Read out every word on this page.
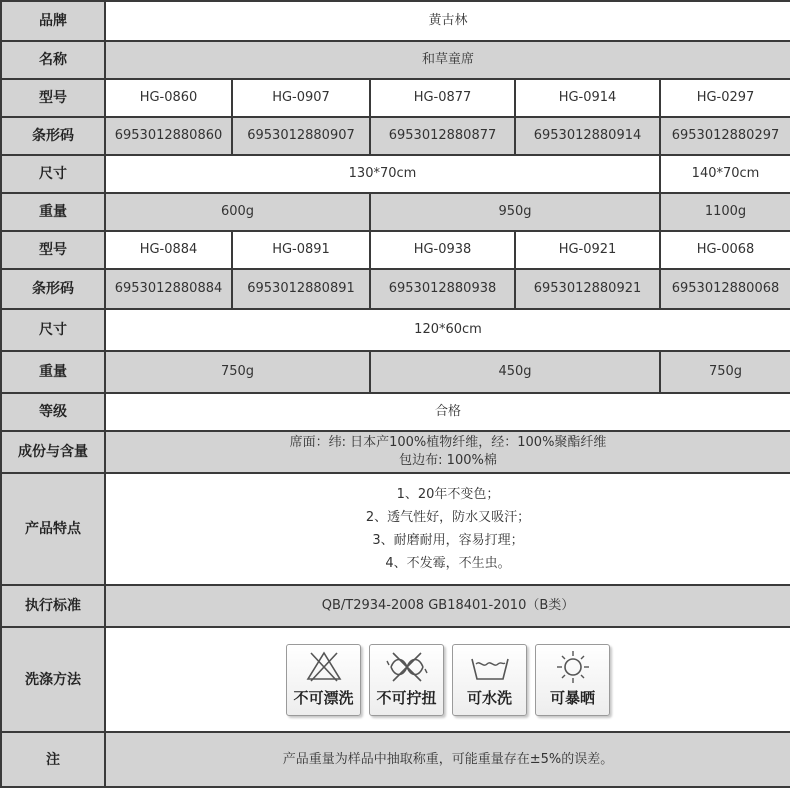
品牌	黄古林				
名称	和草童席				
型号	HG-0860	HG-0907	HG-0877	HG-0914	HG-0297
条形码	6953012880860	6953012880907	6953012880877	6953012880914	6953012880297
尺寸	130*70cm				140*70cm
重量	600g		950g		1100g
型号	HG-0884	HG-0891	HG-0938	HG-0921	HG-0068
条形码	6953012880884	6953012880891	6953012880938	6953012880921	6953012880068
尺寸	120*60cm				
重量	750g		450g		750g
等级	合格				
成份与含量	席面：纬: 日本产100%植物纤维，经：100%聚酯纤维
包边布: 100%棉				

产品特点	1、20年不变色；
2、透气性好，防水又吸汗；
3、耐磨耐用，容易打理；
4、不发霉，不生虫。				

执行标准	QB/T2934-2008 GB18401-2010（B类）				
洗涤方法	不可漂洗 不可拧扭 可水洗 可暴晒				

注	产品重量为样品中抽取称重，可能重量存在±5%的误差。				
